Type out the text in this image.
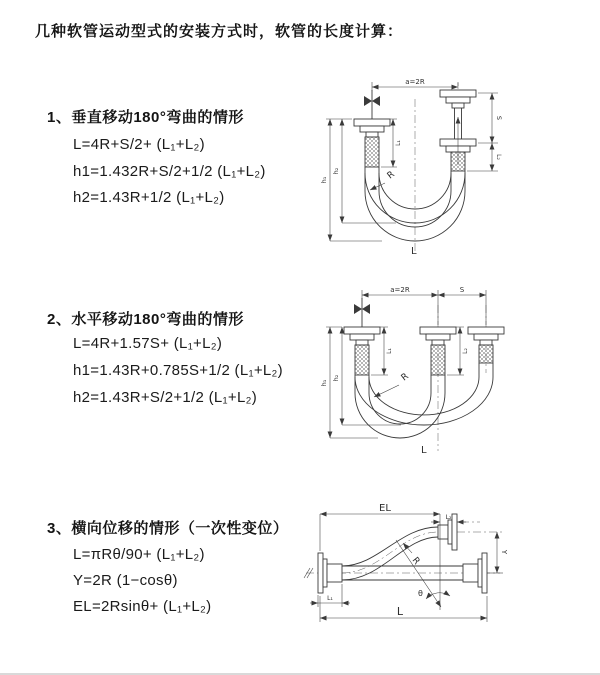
几种软管运动型式的安装方式时，软管的长度计算：
1、垂直移动180°弯曲的情形
L=4R+S/2+ (L₁+L₂)
h1=1.432R+S/2+1/2 (L₁+L₂)
h2=1.43R+1/2 (L₁+L₂)
2、水平移动180°弯曲的情形
L=4R+1.57S+ (L₁+L₂)
h1=1.43R+0.785S+1/2 (L₁+L₂)
h2=1.43R+S/2+1/2 (L₁+L₂)
3、横向位移的情形（一次性变位）
L=πRθ/90+ (L₁+L₂)
Y=2R (1−cosθ)
EL=2Rsinθ+ (L₁+L₂)
a=2R
S
L₂
h₁
h₂
L₁
R
L
a=2R	S
L₁	L₂
h₁
h₂	R
L
θ
R
EL
L₂
Y
L
L₁
